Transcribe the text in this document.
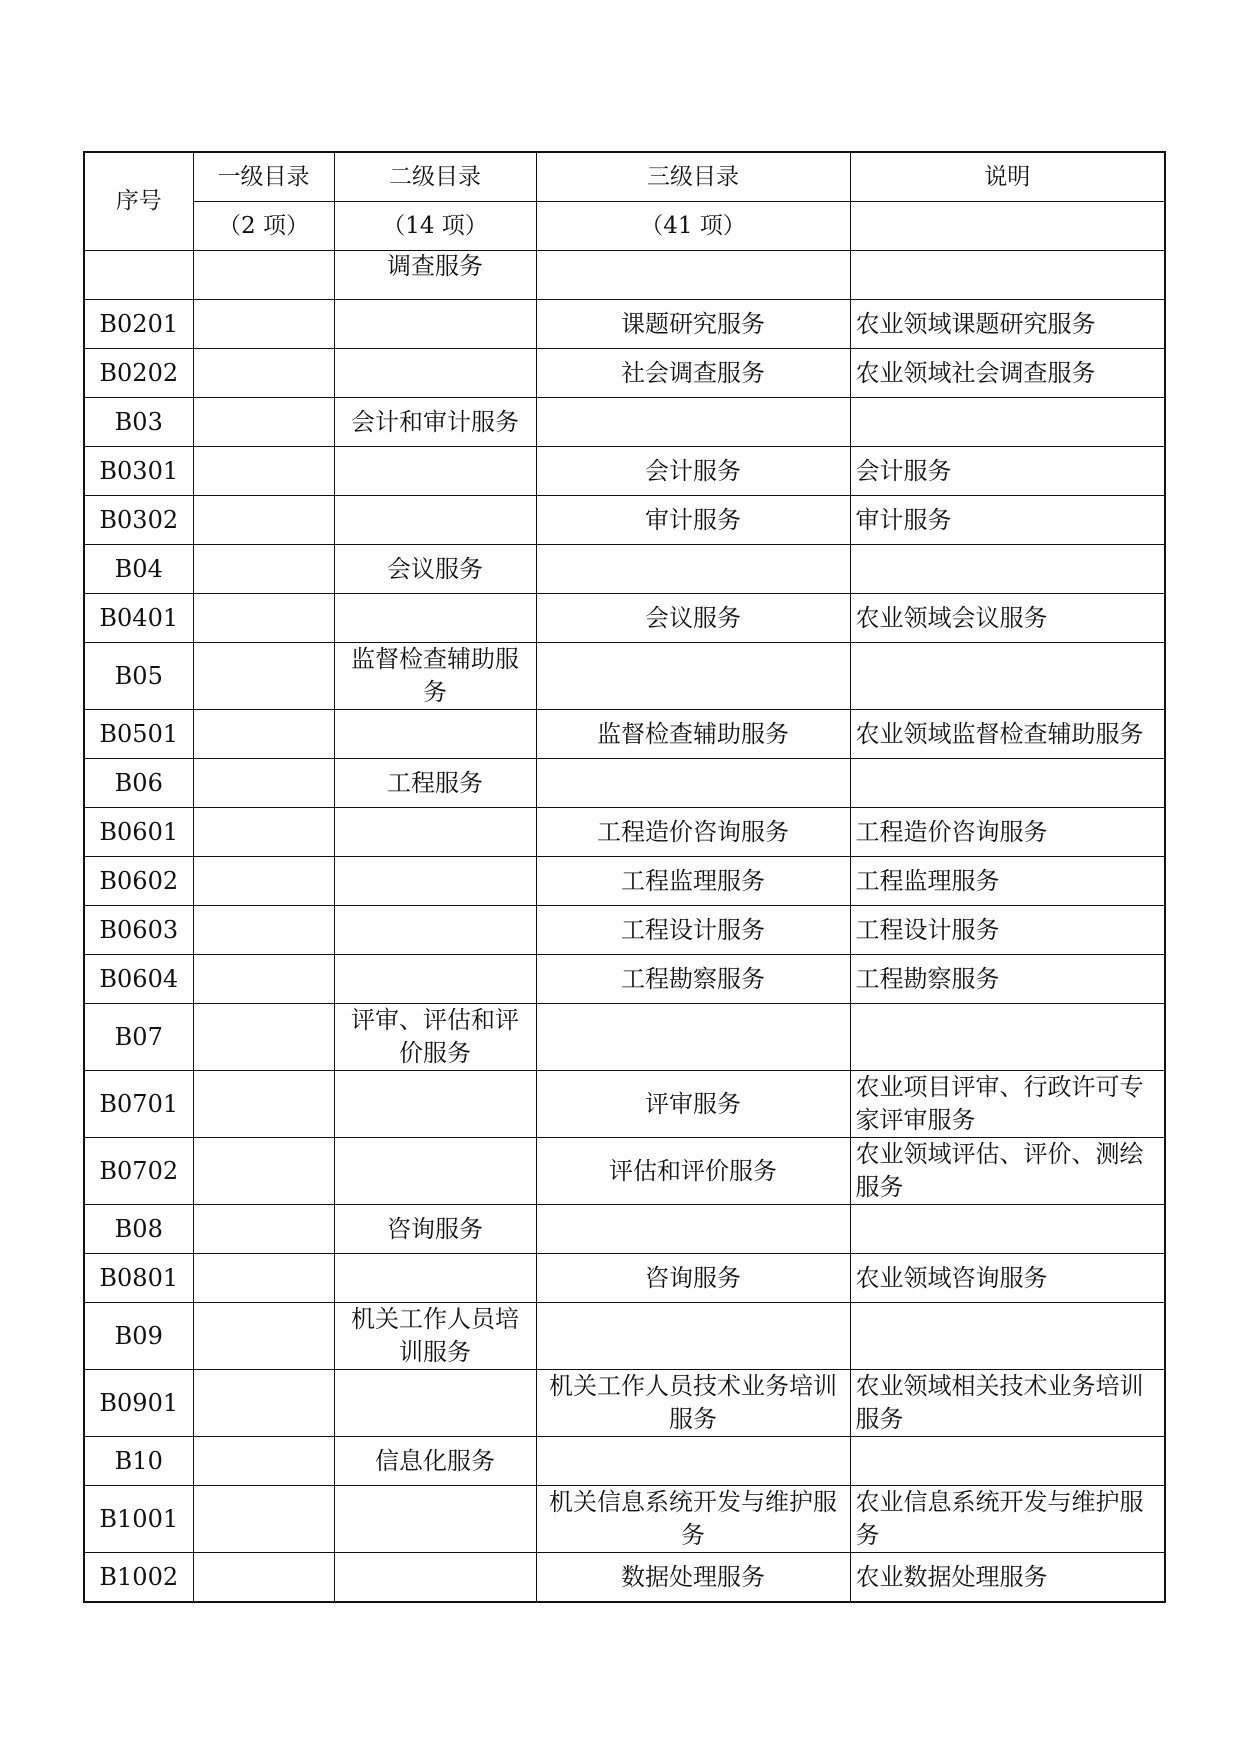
序号	一级目录	二级目录	三级目录	说明
	（2 项）	（14 项）	（41 项）	
		调查服务		
B0201			课题研究服务	农业领域课题研究服务
B0202			社会调查服务	农业领域社会调查服务
B03		会计和审计服务		
B0301			会计服务	会计服务
B0302			审计服务	审计服务
B04		会议服务		
B0401			会议服务	农业领域会议服务
B05		监督检查辅助服务		
B0501			监督检查辅助服务	农业领域监督检查辅助服务
B06		工程服务		
B0601			工程造价咨询服务	工程造价咨询服务
B0602			工程监理服务	工程监理服务
B0603			工程设计服务	工程设计服务
B0604			工程勘察服务	工程勘察服务
B07		评审、评估和评价服务		
B0701			评审服务	农业项目评审、行政许可专家评审服务
B0702			评估和评价服务	农业领域评估、评价、测绘服务
B08		咨询服务		
B0801			咨询服务	农业领域咨询服务
B09		机关工作人员培训服务		
B0901			机关工作人员技术业务培训服务	农业领域相关技术业务培训服务
B10		信息化服务		
B1001			机关信息系统开发与维护服务	农业信息系统开发与维护服务
B1002			数据处理服务	农业数据处理服务
